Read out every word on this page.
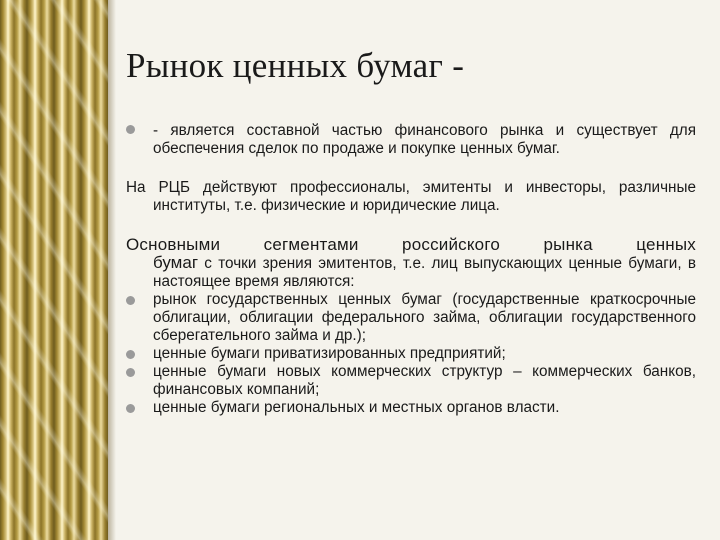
Рынок ценных бумаг -
- является составной частью финансового рынка и существует для обеспечения сделок по продаже и покупке ценных бумаг.
На РЦБ действуют профессионалы, эмитенты и инвесторы, различные институты, т.е. физические и юридические лица.
Основными сегментами российского рынка ценных
бумаг с точки зрения эмитентов, т.е. лиц выпускающих ценные бумаги, в настоящее время являются:
рынок государственных ценных бумаг (государственные краткосрочные облигации, облигации федерального займа, облигации государственного сберегательного займа и др.);
ценные бумаги приватизированных предприятий;
ценные бумаги новых коммерческих структур – коммерческих банков, финансовых компаний;
ценные бумаги региональных и местных органов власти.
